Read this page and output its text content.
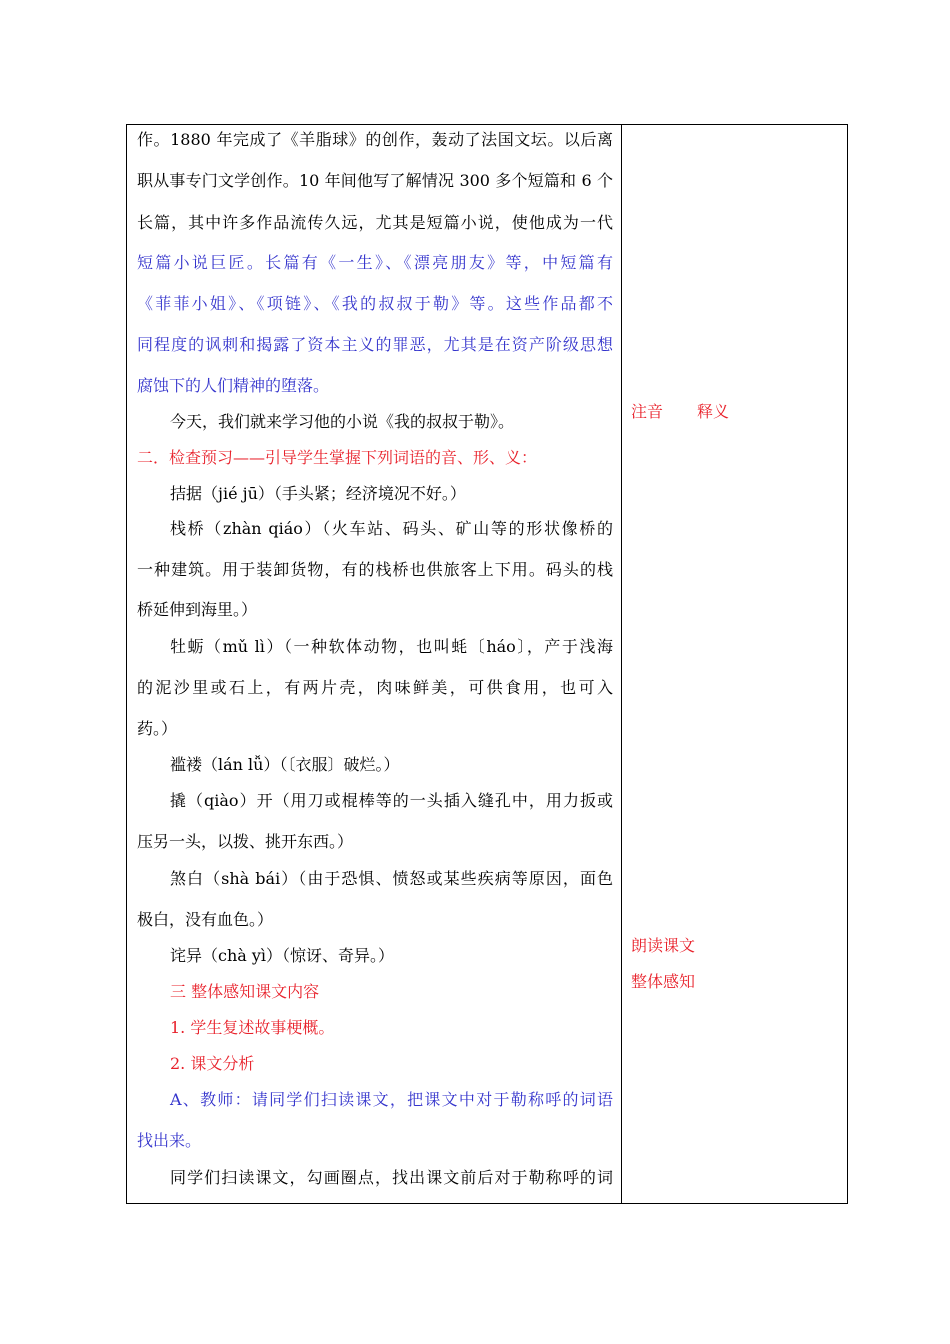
作。1880 年完成了《羊脂球》的创作，轰动了法国文坛。以后离
职从事专门文学创作。10 年间他写了解情况 300 多个短篇和 6 个
长篇，其中许多作品流传久远，尤其是短篇小说，使他成为一代
短篇小说巨匠。长篇有《一生》、《漂亮朋友》等，中短篇有
《菲菲小姐》、《项链》、《我的叔叔于勒》等。这些作品都不
同程度的讽刺和揭露了资本主义的罪恶，尤其是在资产阶级思想
腐蚀下的人们精神的堕落。
今天，我们就来学习他的小说《我的叔叔于勒》。
二．检查预习——引导学生掌握下列词语的音、形、义：
拮据（jié jū）（手头紧；经济境况不好。）
栈桥（zhàn qiáo）（火车站、码头、矿山等的形状像桥的
一种建筑。用于装卸货物，有的栈桥也供旅客上下用。码头的栈
桥延伸到海里。）
牡蛎（mǔ lì）（一种软体动物，也叫蚝〔háo〕，产于浅海
的泥沙里或石上，有两片壳，肉味鲜美，可供食用，也可入
药。）
褴褛（lán lǚ）（〔衣服〕破烂。）
撬（qiào）开（用刀或棍棒等的一头插入缝孔中，用力扳或
压另一头，以拨、挑开东西。）
煞白（shà bái）（由于恐惧、愤怒或某些疾病等原因，面色
极白，没有血色。）
诧异（chà yì）（惊讶、奇异。）
三 整体感知课文内容
1. 学生复述故事梗概。
2. 课文分析
A、教师：请同学们扫读课文，把课文中对于勒称呼的词语
找出来。
同学们扫读课文，勾画圈点，找出课文前后对于勒称呼的词
注音 释义
朗读课文
整体感知
